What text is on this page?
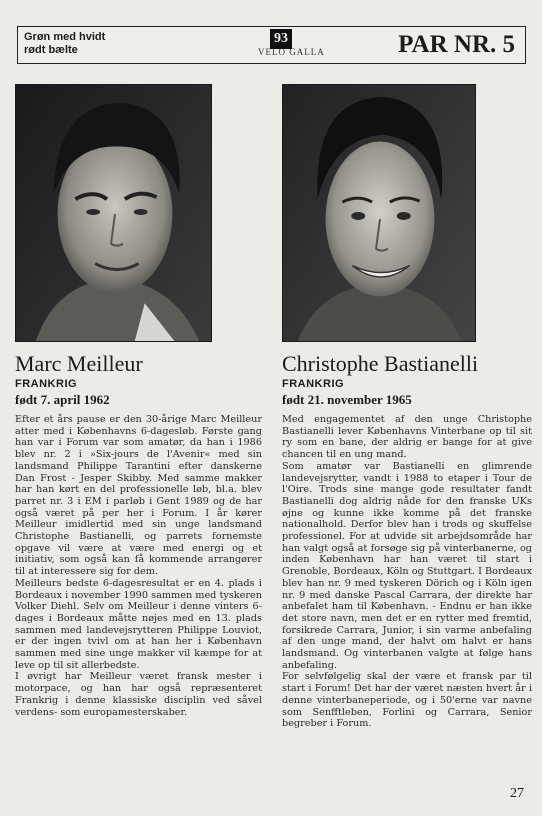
Grøn med hvidt
rødt bælte
93
VELO GALLA	PAR NR. 5
Marc Meilleur
FRANKRIG
født 7. april 1962

Efter et års pause er den 30-årige Marc Meilleur atter med i Københavns 6-dagesløb. Første gang han var i Forum var som amatør, da han i 1986 blev nr. 2 i »Six-jours de l'Avenir« med sin landsmand Philippe Tarantini efter danskerne Dan Frost - Jesper Skibby. Med samme makker har han kørt en del professionelle løb, bl.a. blev parret nr. 3 i EM i parløb i Gent 1989 og de har også været på per her i Forum. I år kører Meilleur imidlertid med sin unge landsmand Christophe Bastianelli, og parrets fornemste opgave vil være at være med energi og et initiativ, som også kan få kommende arrangører til at interessere sig for dem.

Meilleurs bedste 6-dagesresultat er en 4. plads i Bordeaux i november 1990 sammen med tyskeren Volker Diehl. Selv om Meilleur i denne vinters 6-dages i Bordeaux måtte nøjes med en 13. plads sammen med landevejsrytteren Philippe Louviot, er der ingen tvivl om at han her i København sammen med sine unge makker vil kæmpe for at leve op til sit allerbedste.

I øvrigt har Meilleur været fransk mester i motorpace, og han har også repræsenteret Frankrig i denne klassiske disciplin ved såvel verdens- som europamesterskaber.

Christophe Bastianelli
FRANKRIG
født 21. november 1965

Med engagementet af den unge Christophe Bastianelli lever Københavns Vinterbane op til sit ry som en bane, der aldrig er bange for at give chancen til en ung mand.

Som amatør var Bastianelli en glimrende landevejsrytter, vandt i 1988 to etaper i Tour de l'Oire. Trods sine mange gode resultater fandt Bastianelli dog aldrig nåde for den franske UKs øjne og kunne ikke komme på det franske nationalhold. Derfor blev han i trods og skuffelse professionel. For at udvide sit arbejdsområde har han valgt også at forsøge sig på vinterbanerne, og inden København har han været til start i Grenoble, Bordeaux, Köln og Stuttgart. I Bordeaux blev han nr. 9 med tyskeren Dörich og i Köln igen nr. 9 med danske Pascal Carrara, der direkte har anbefalet ham til København. - Endnu er han ikke det store navn, men det er en rytter med fremtid, forsikrede Carrara, Junior, i sin varme anbefaling af den unge mand, der halvt om halvt er hans landsmand. Og vinterbanen valgte at følge hans anbefaling.

For selvfølgelig skal der være et fransk par til start i Forum! Det har der været næsten hvert år i denne vinterbaneperiode, og i 50'erne var navne som Senfftleben, Forlini og Carrara, Senior begreber i Forum.

27
